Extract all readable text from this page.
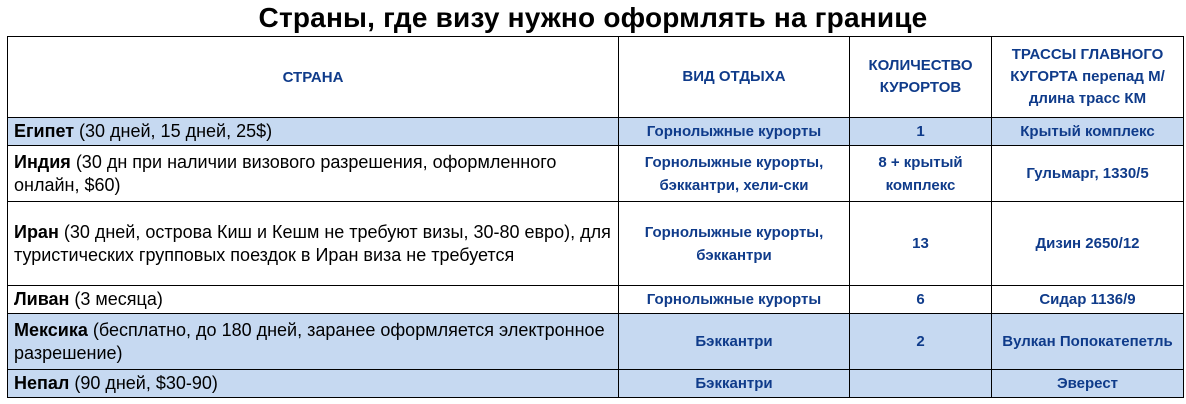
Страны, где визу нужно оформлять на границе
СТРАНА	ВИД ОТДЫХА	КОЛИЧЕСТВО КУРОРТОВ	ТРАССЫ ГЛАВНОГО КУГОРТА перепад М/длина трасс КМ
Египет (30 дней, 15 дней, 25$)	Горнолыжные курорты	1	Крытый комплекс
Индия (30 дн при наличии визового разрешения, оформленного онлайн, $60)	Горнолыжные курорты, бэккантри, хели-ски	8 + крытый комплекс	Гульмарг, 1330/5
Иран (30 дней, острова Киш и Кешм не требуют визы, 30-80 евро), для туристических групповых поездок в Иран виза не требуется	Горнолыжные курорты, бэккантри	13	Дизин 2650/12
Ливан (3 месяца)	Горнолыжные курорты	6	Сидар 1136/9
Мексика (бесплатно, до 180 дней, заранее оформляется электронное разрешение)	Бэккантри	2	Вулкан Попокатепетль
Непал (90 дней, $30-90)	Бэккантри		Эверест
